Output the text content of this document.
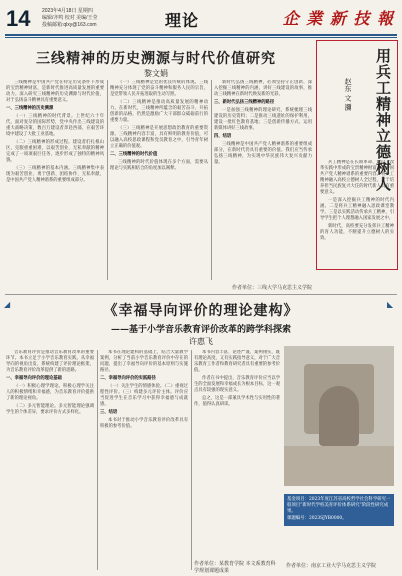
14 2023年4月18日 星期四
编辑/齐鸣 校对 美编/王莹
投稿邮箱:qlxy@163.com	理论	企 業 新 技 報
三线精神的历史溯源与时代价值研究
黎文娟

三线精神是中国共产党在特定历史条件下形成的宝贵精神财富，是新时代推进高质量发展的重要动力。深入研究三线精神的历史渊源与时代价值，对于弘扬奋斗精神具有重要意义。

一、三线精神的历史溯源

（一）三线精神的时代背景。上世纪六十年代，面对复杂的国际形势，党中央作出三线建设的重大战略决策，数百万建设者奔赴西部，在艰苦环境中建设了大批工业基地。

（二）三线精神的形成过程。建设者们扎根山区，克服重重困难，以艰苦创业、无私奉献的精神完成了一项项艰巨任务，逐步形成了独特的精神风貌。

（三）三线精神的基本内涵。三线精神集中表现为艰苦创业、勇于创新、团结协作、无私奉献，是中国共产党人精神谱系的重要组成部分。

（一）三线精神是党的优良传统的体现。三线精神充分体现了党的奋斗精神和服务人民的宗旨，是党带领人民开拓进取的生动写照。

（二）三线精神是推动高质量发展的精神动力。在新时代，三线精神所蕴含的艰苦奋斗、开拓创新的品格，仍然是激励广大干部群众砥砺前行的重要力量。

（三）三线精神是开展思想政治教育的重要资源。三线精神内容丰富，具有鲜明的教育价值，可以融入高校思政课程和党员教育之中，引导青年树立正确的价值观。

二、三线精神的时代价值

三线精神的时代价值体现在多个方面，需要从理论与实践相结合的角度加以阐释。

新时代弘扬三线精神，必须坚持守正创新，深入挖掘三线精神的内涵，讲好三线建设的故事，推动三线精神在新时代焕发新的光彩。

三、新时代弘扬三线精神的路径

一是加强三线精神的理论研究，系统梳理三线建设的历史资料；二是推动三线遗址的保护利用，建设一批红色教育基地；三是创新传播方式，运用新媒体讲好三线故事。

四、结语

三线精神是中国共产党人精神谱系的重要组成部分，在新时代仍具有重要的价值。我们应当传承弘扬三线精神，为实现中华民族伟大复兴贡献力量。

作者单位：三线大学马克思主义学院
用兵工精神立德树人
赵东 文 瀰

兵工精神是在长期革命、建设、改革实践中形成的宝贵精神财富，是中国共产党人精神谱系的重要内容。将兵工精神融入高校立德树人全过程，对于培养担当民族复兴大任的时代新人具有重要意义。

一是深入挖掘兵工精神的时代内涵。二是将兵工精神融入思政课堂教学。三是以实践活动传承兵工精神，引导学生把个人理想融入国家发展之中。

新时代，高校要充分发挥兵工精神的育人功能，不断提升立德树人的实效。

◢	◣
《幸福导向评价的理论建构》
——基于小学音乐教育评价改革的跨学科探索
许惠飞

音乐教育评价是推动音乐教育改革的重要环节。本书立足于小学音乐教育实践，从幸福导向的视角出发，系统构建了评价理论框架，为音乐教育评价改革提供了新的思路。

一、幸福导向评价的理论基础

（一）积极心理学理论。积极心理学关注人的积极情绪和幸福感，为音乐教育评价提供了新的理论视角。

（二）多元智能理论。多元智能理论强调学生的个体差异，要求评价方式多样化。

本书在理论建构的基础上，结合大量教学案例，分析了当前小学音乐教育评价中存在的问题，提出了幸福导向评价的基本原则与实施路径。

二、幸福导向评价的实践路径

（一）关注学生的情感体验。（二）重视过程性评价。（三）构建多元评价主体。评价应当促进学生在音乐学习中获得幸福感与成就感。

三、结语

本书对于推动小学音乐教育评价改革具有积极的参考价值。

本书内容丰富、论述严谨、案例翔实，既有理论高度，又有实践指导意义，对于广大音乐教育工作者和教育研究者具有重要的参考价值。

作者在书中提出，音乐教育评价应当以学生的全面发展和幸福成长为根本目标，这一观点具有较强的现实意义。

总之，这是一部兼具学术性与实用性的著作，值得认真研读。

作者单位：某教育学院 本文系教育科学规划课题成果

基金项目：2023年度江苏省高校哲学社会科学研究一般项目“新时代学校美育评价体系研究”阶段性研究成果。

课题编号：2023SJYB0000。

作者单位：南京工业大学马克思主义学院
